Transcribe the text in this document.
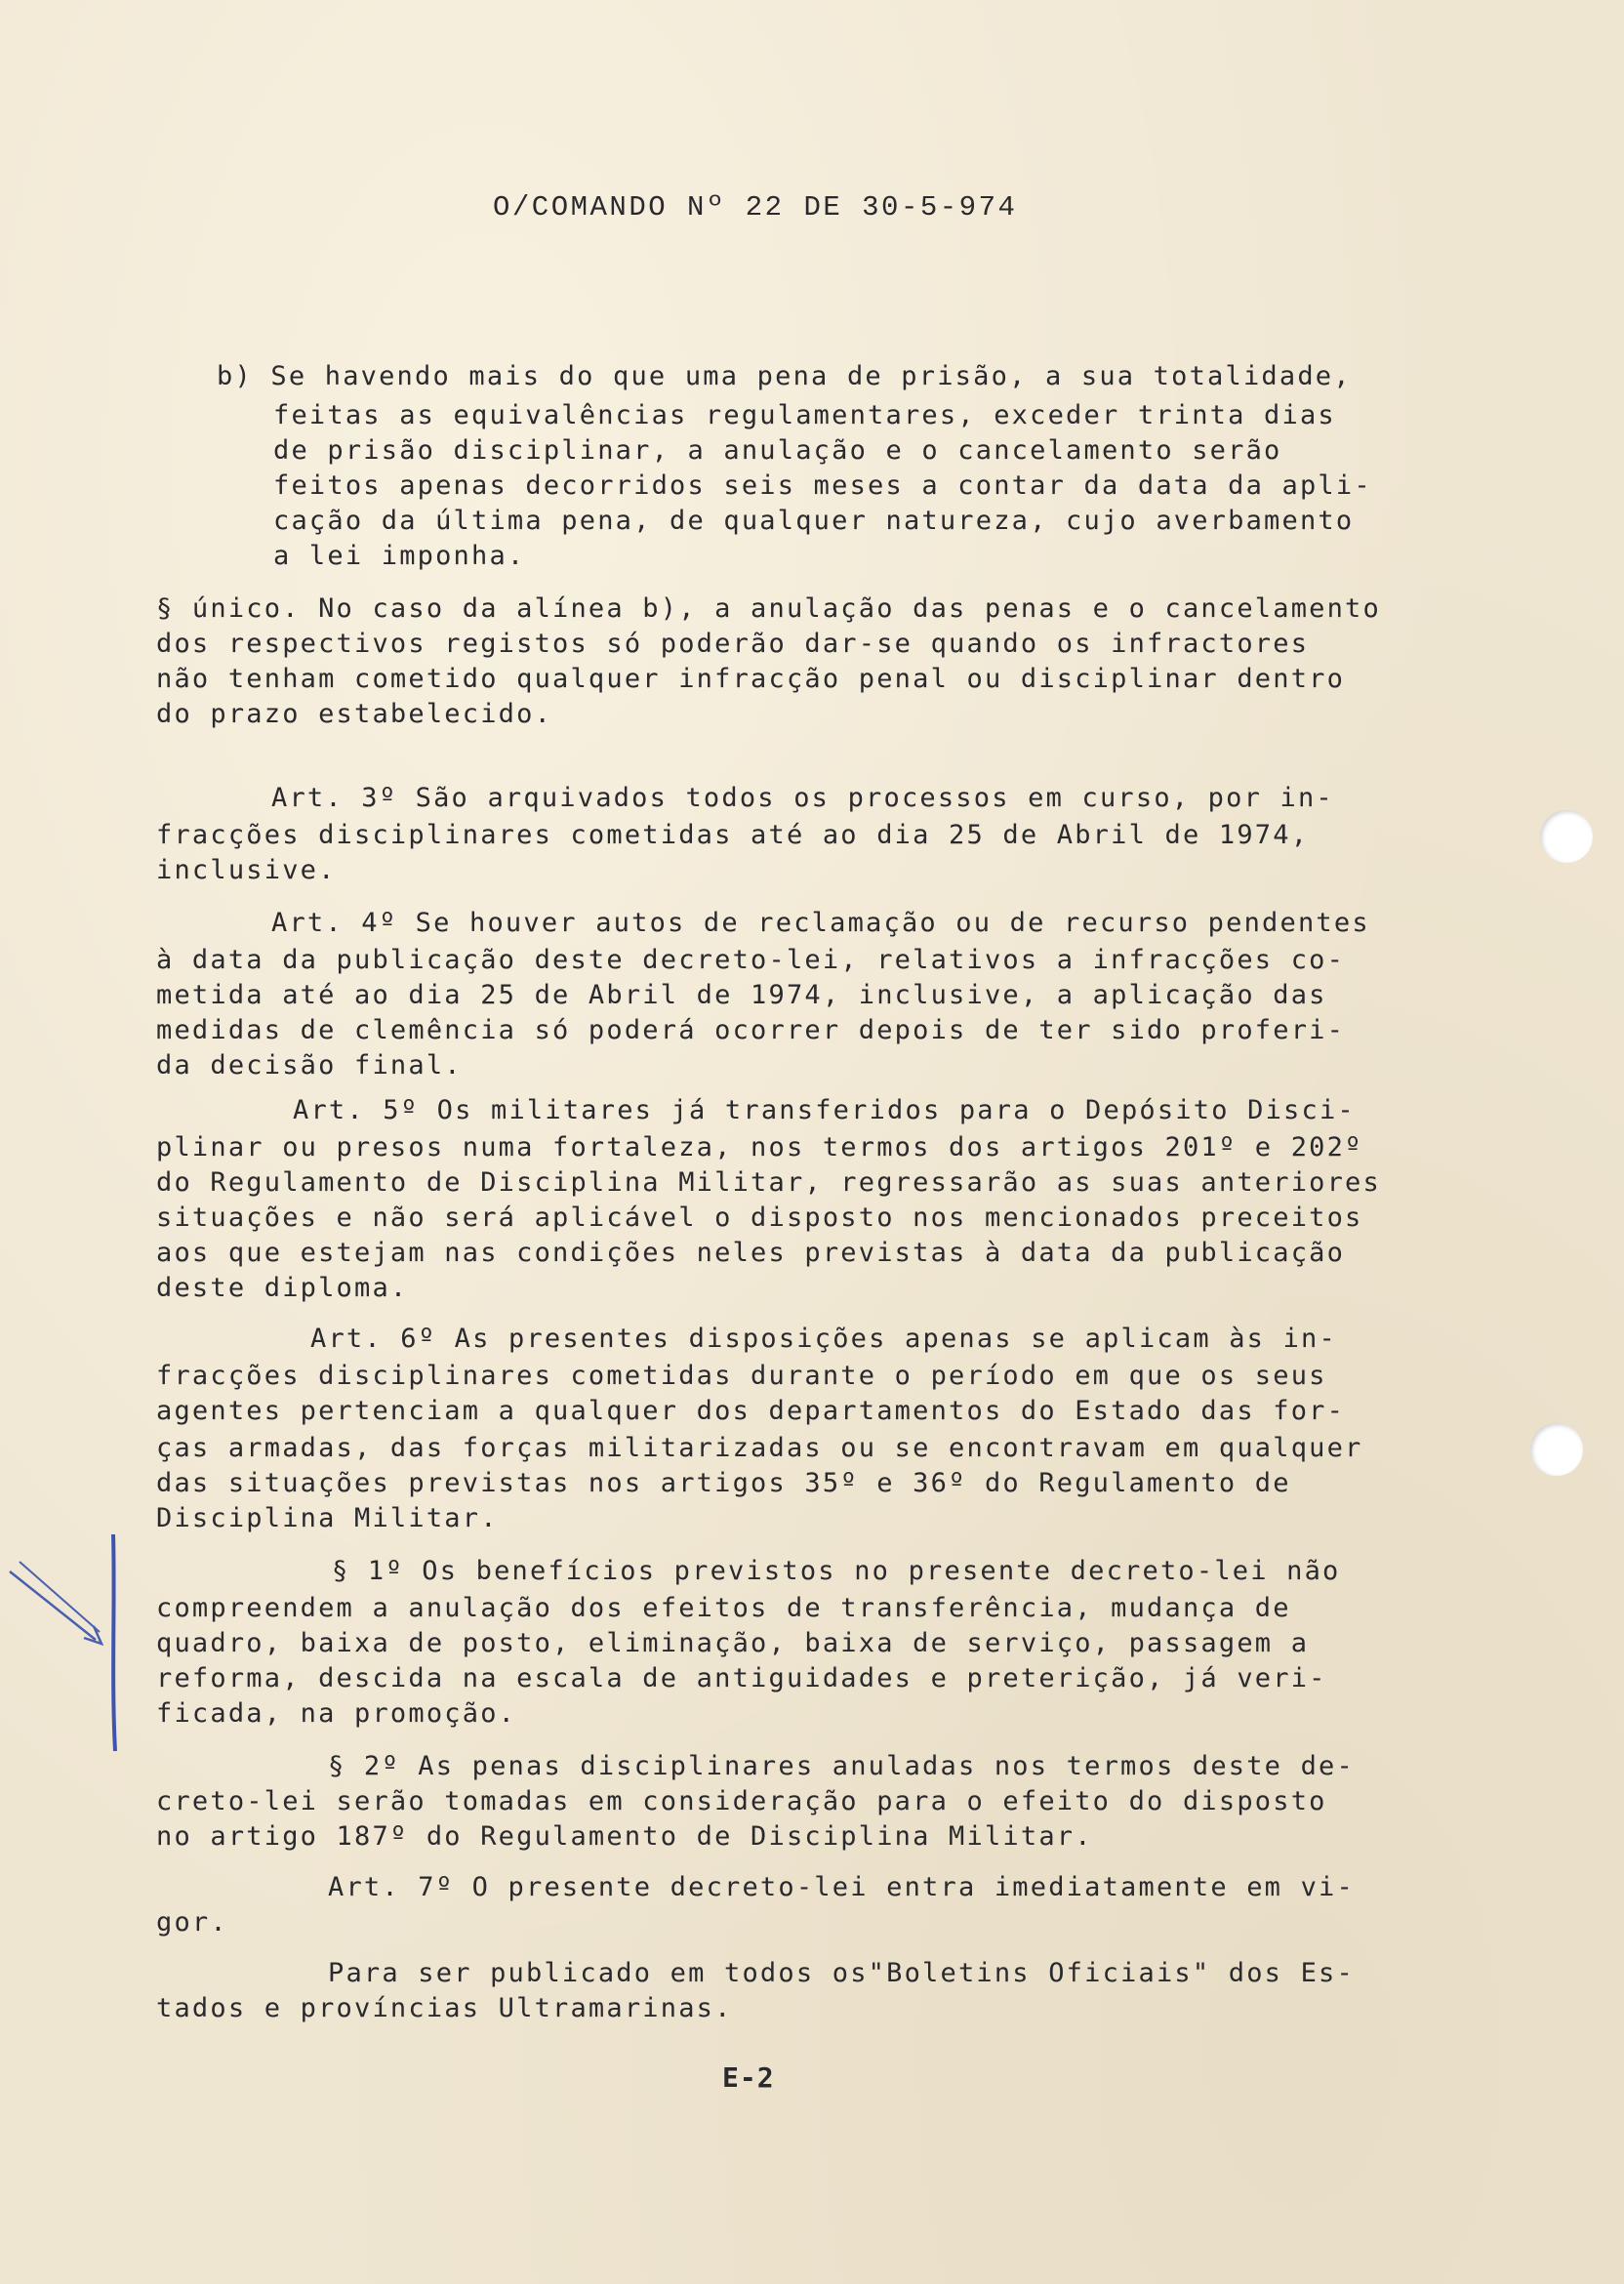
O/COMANDO Nº 22 DE 30-5-974

b) Se havendo mais do que uma pena de prisão, a sua totalidade,

feitas as equivalências regulamentares, exceder trinta dias

de prisão disciplinar, a anulação e o cancelamento serão

feitos apenas decorridos seis meses a contar da data da apli-

cação da última pena, de qualquer natureza, cujo averbamento

a lei imponha.

§ único. No caso da alínea b), a anulação das penas e o cancelamento

dos respectivos registos só poderão dar-se quando os infractores

não tenham cometido qualquer infracção penal ou disciplinar dentro

do prazo estabelecido.

Art. 3º São arquivados todos os processos em curso, por in-

fracções disciplinares cometidas até ao dia 25 de Abril de 1974,

inclusive.

Art. 4º Se houver autos de reclamação ou de recurso pendentes

à data da publicação deste decreto-lei, relativos a infracções co-

metida até ao dia 25 de Abril de 1974, inclusive, a aplicação das

medidas de clemência só poderá ocorrer depois de ter sido proferi-

da decisão final.

Art. 5º Os militares já transferidos para o Depósito Disci-

plinar ou presos numa fortaleza, nos termos dos artigos 201º e 202º

do Regulamento de Disciplina Militar, regressarão as suas anteriores

situações e não será aplicável o disposto nos mencionados preceitos

aos que estejam nas condições neles previstas à data da publicação

deste diploma.

Art. 6º As presentes disposições apenas se aplicam às in-

fracções disciplinares cometidas durante o período em que os seus

agentes pertenciam a qualquer dos departamentos do Estado das for-

ças armadas, das forças militarizadas ou se encontravam em qualquer

das situações previstas nos artigos 35º e 36º do Regulamento de

Disciplina Militar.

§ 1º Os benefícios previstos no presente decreto-lei não

compreendem a anulação dos efeitos de transferência, mudança de

quadro, baixa de posto, eliminação, baixa de serviço, passagem a

reforma, descida na escala de antiguidades e preterição, já veri-

ficada, na promoção.

§ 2º As penas disciplinares anuladas nos termos deste de-

creto-lei serão tomadas em consideração para o efeito do disposto

no artigo 187º do Regulamento de Disciplina Militar.

Art. 7º O presente decreto-lei entra imediatamente em vi-

gor.

Para ser publicado em todos os"Boletins Oficiais" dos Es-

tados e províncias Ultramarinas.

E-2
